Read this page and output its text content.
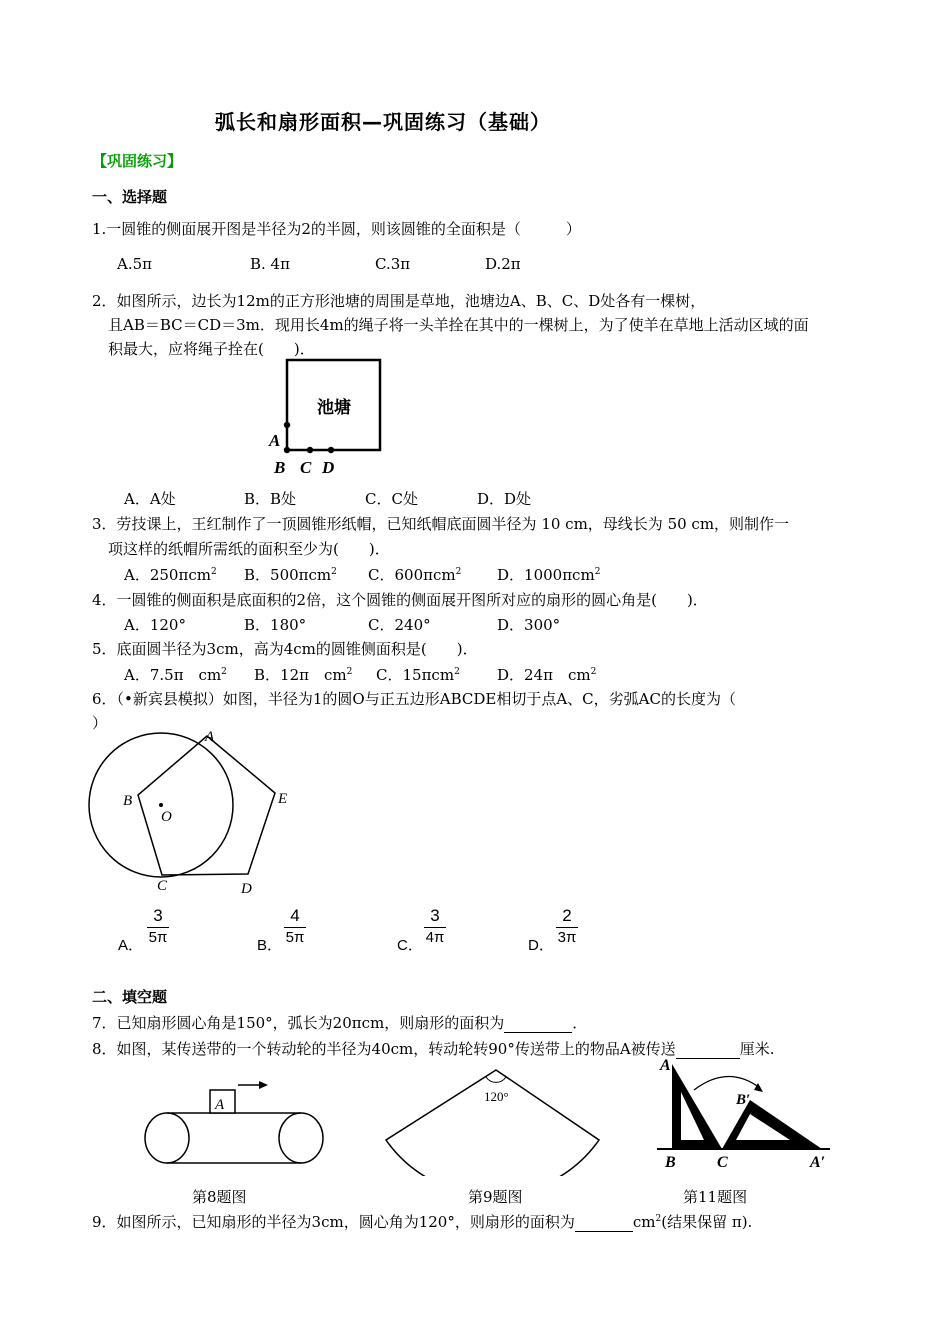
弧长和扇形面积—巩固练习（基础）
【巩固练习】
一、选择题
1.一圆锥的侧面展开图是半径为2的半圆，则该圆锥的全面积是（　　　）
A.5π	B. 4π	C.3π	D.2π
2．如图所示，边长为12m的正方形池塘的周围是草地，池塘边A、B、C、D处各有一棵树，
且AB＝BC＝CD＝3m．现用长4m的绳子将一头羊拴在其中的一棵树上，为了使羊在草地上活动区域的面
积最大，应将绳子拴在(　　)．
池塘
A
B C D
A．A处	B．B处	C．C处	D．D处
3．劳技课上，王红制作了一顶圆锥形纸帽，已知纸帽底面圆半径为 10 cm，母线长为 50 cm，则制作一
项这样的纸帽所需纸的面积至少为(　　)．
A．250πcm$^2$ B．500πcm$^2$ C．600πcm$^2$ D．1000πcm$^2$
4．一圆锥的侧面积是底面积的2倍，这个圆锥的侧面展开图所对应的扇形的圆心角是(　　)．
A．120°	B．180°	C．240°	D．300°
5．底面圆半径为3cm，高为4cm的圆锥侧面积是(　　)．
A．7.5π　$cm^2$ B．12π　$cm^2$ C．15πcm$^2$ D．24π　$cm^2$
6．（•新宾县模拟）如图，半径为1的圆O与正五边形ABCDE相切于点A、C，劣弧AC的长度为（
）
A
B
C	D
E
O
A．
3
5π	B．
4
5π	C．
3
4π	D．
2
3π
二、填空题
7．已知扇形圆心角是150°，弧长为20πcm，则扇形的面积为	．
8．如图，某传送带的一个转动轮的半径为40cm，转动轮转90°传送带上的物品A被传送	厘米.
A
第8题图
120°
第9题图
A
B′
B	C	A′
第11题图
9．如图所示，已知扇形的半径为3cm，圆心角为120°，则扇形的面积为	$cm^2$(结果保留 π).
